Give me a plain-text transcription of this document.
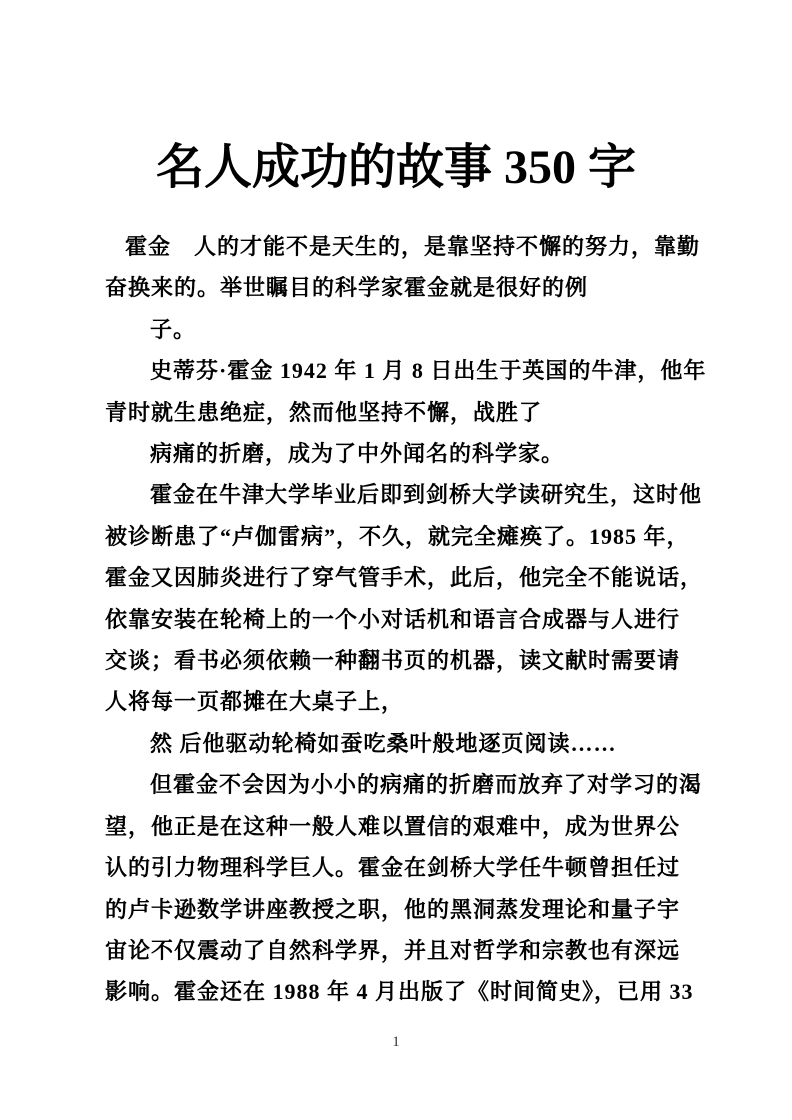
名人成功的故事 350 字
霍金　人的才能不是天生的，是靠坚持不懈的努力，靠勤
奋换来的。举世瞩目的科学家霍金就是很好的例
子。
史蒂芬·霍金 1942 年 1 月 8 日出生于英国的牛津，他年
青时就生患绝症，然而他坚持不懈，战胜了
病痛的折磨，成为了中外闻名的科学家。
霍金在牛津大学毕业后即到剑桥大学读研究生，这时他
被诊断患了“卢伽雷病”，不久，就完全瘫痪了。1985 年，
霍金又因肺炎进行了穿气管手术，此后，他完全不能说话，
依靠安装在轮椅上的一个小对话机和语言合成器与人进行
交谈；看书必须依赖一种翻书页的机器，读文献时需要请
人将每一页都摊在大桌子上，
然 后他驱动轮椅如蚕吃桑叶般地逐页阅读……
但霍金不会因为小小的病痛的折磨而放弃了对学习的渴
望，他正是在这种一般人难以置信的艰难中，成为世界公
认的引力物理科学巨人。霍金在剑桥大学任牛顿曾担任过
的卢卡逊数学讲座教授之职，他的黑洞蒸发理论和量子宇
宙论不仅震动了自然科学界，并且对哲学和宗教也有深远
影响。霍金还在 1988 年 4 月出版了《时间简史》，已用 33
1
